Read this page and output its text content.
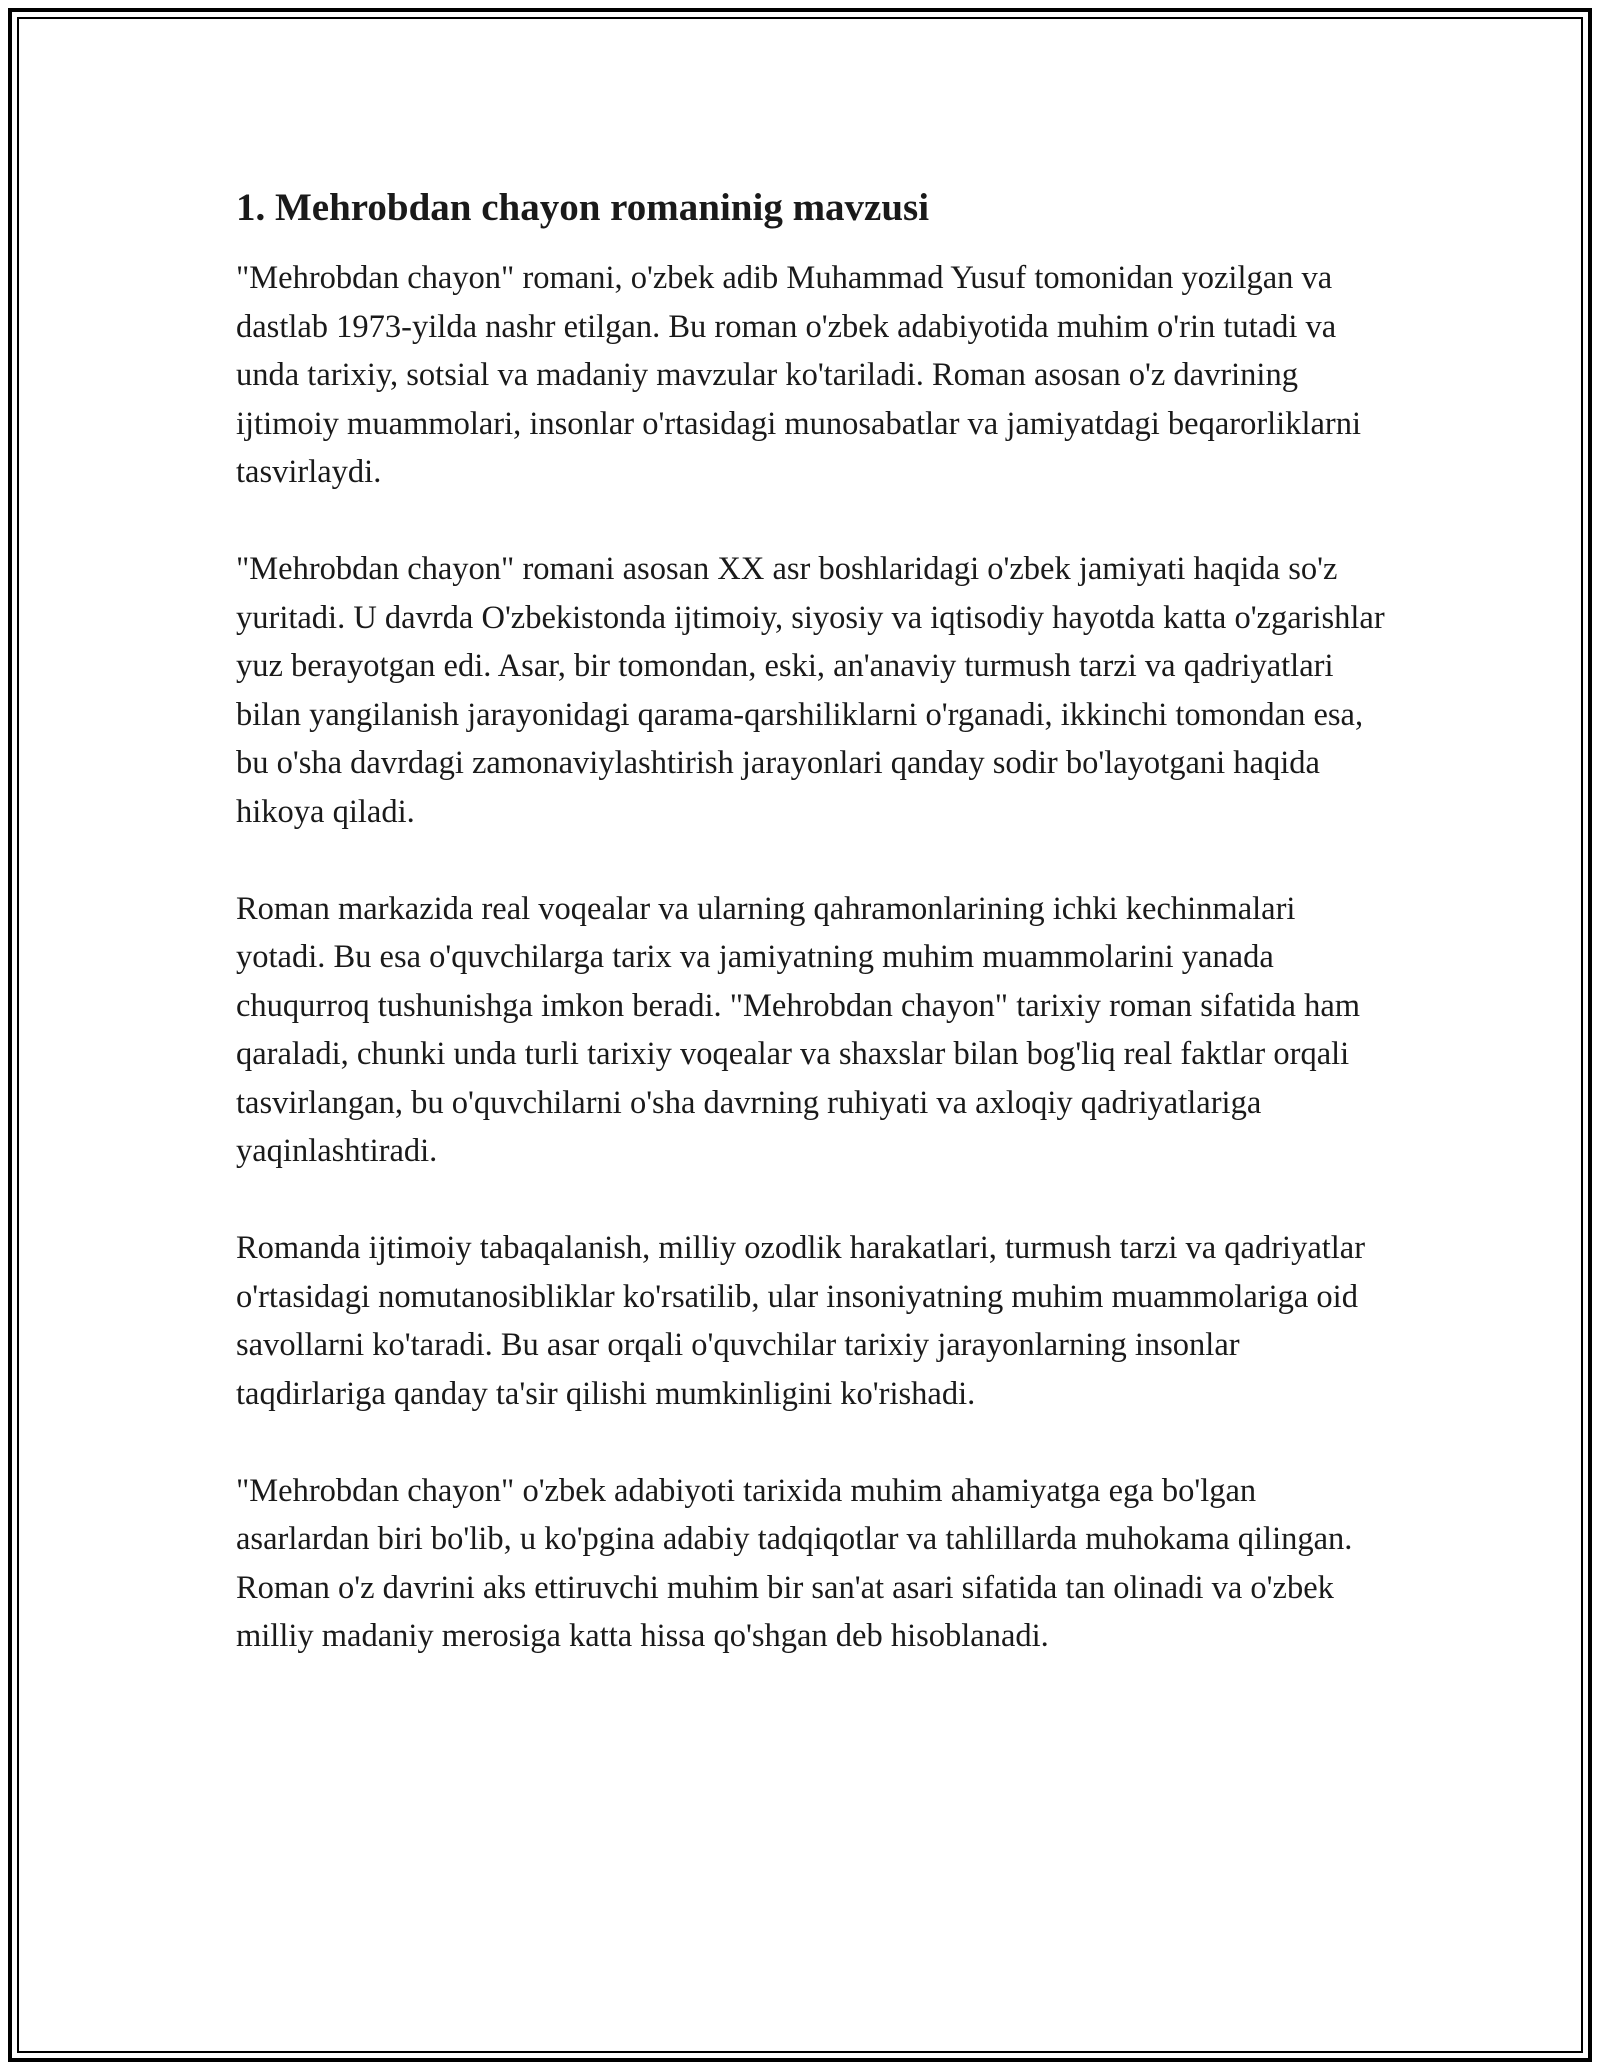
1. Mehrobdan chayon romaninig mavzusi

"Mehrobdan chayon" romani, o'zbek adib Muhammad Yusuf tomonidan yozilgan va dastlab 1973-yilda nashr etilgan. Bu roman o'zbek adabiyotida muhim o'rin tutadi va unda tarixiy, sotsial va madaniy mavzular ko'tariladi. Roman asosan o'z davrining ijtimoiy muammolari, insonlar o'rtasidagi munosabatlar va jamiyatdagi beqarorliklarni tasvirlaydi.

"Mehrobdan chayon" romani asosan XX asr boshlaridagi o'zbek jamiyati haqida so'z yuritadi. U davrda O'zbekistonda ijtimoiy, siyosiy va iqtisodiy hayotda katta o'zgarishlar yuz berayotgan edi. Asar, bir tomondan, eski, an'anaviy turmush tarzi va qadriyatlari bilan yangilanish jarayonidagi qarama-qarshiliklarni o'rganadi, ikkinchi tomondan esa, bu o'sha davrdagi zamonaviylashtirish jarayonlari qanday sodir bo'layotgani haqida hikoya qiladi.

Roman markazida real voqealar va ularning qahramonlarining ichki kechinmalari yotadi. Bu esa o'quvchilarga tarix va jamiyatning muhim muammolarini yanada chuqurroq tushunishga imkon beradi. "Mehrobdan chayon" tarixiy roman sifatida ham qaraladi, chunki unda turli tarixiy voqealar va shaxslar bilan bog'liq real faktlar orqali tasvirlangan, bu o'quvchilarni o'sha davrning ruhiyati va axloqiy qadriyatlariga yaqinlashtiradi.

Romanda ijtimoiy tabaqalanish, milliy ozodlik harakatlari, turmush tarzi va qadriyatlar o'rtasidagi nomutanosibliklar ko'rsatilib, ular insoniyatning muhim muammolariga oid savollarni ko'taradi. Bu asar orqali o'quvchilar tarixiy jarayonlarning insonlar taqdirlariga qanday ta'sir qilishi mumkinligini ko'rishadi.

"Mehrobdan chayon" o'zbek adabiyoti tarixida muhim ahamiyatga ega bo'lgan asarlardan biri bo'lib, u ko'pgina adabiy tadqiqotlar va tahlillarda muhokama qilingan. Roman o'z davrini aks ettiruvchi muhim bir san'at asari sifatida tan olinadi va o'zbek milliy madaniy merosiga katta hissa qo'shgan deb hisoblanadi.
